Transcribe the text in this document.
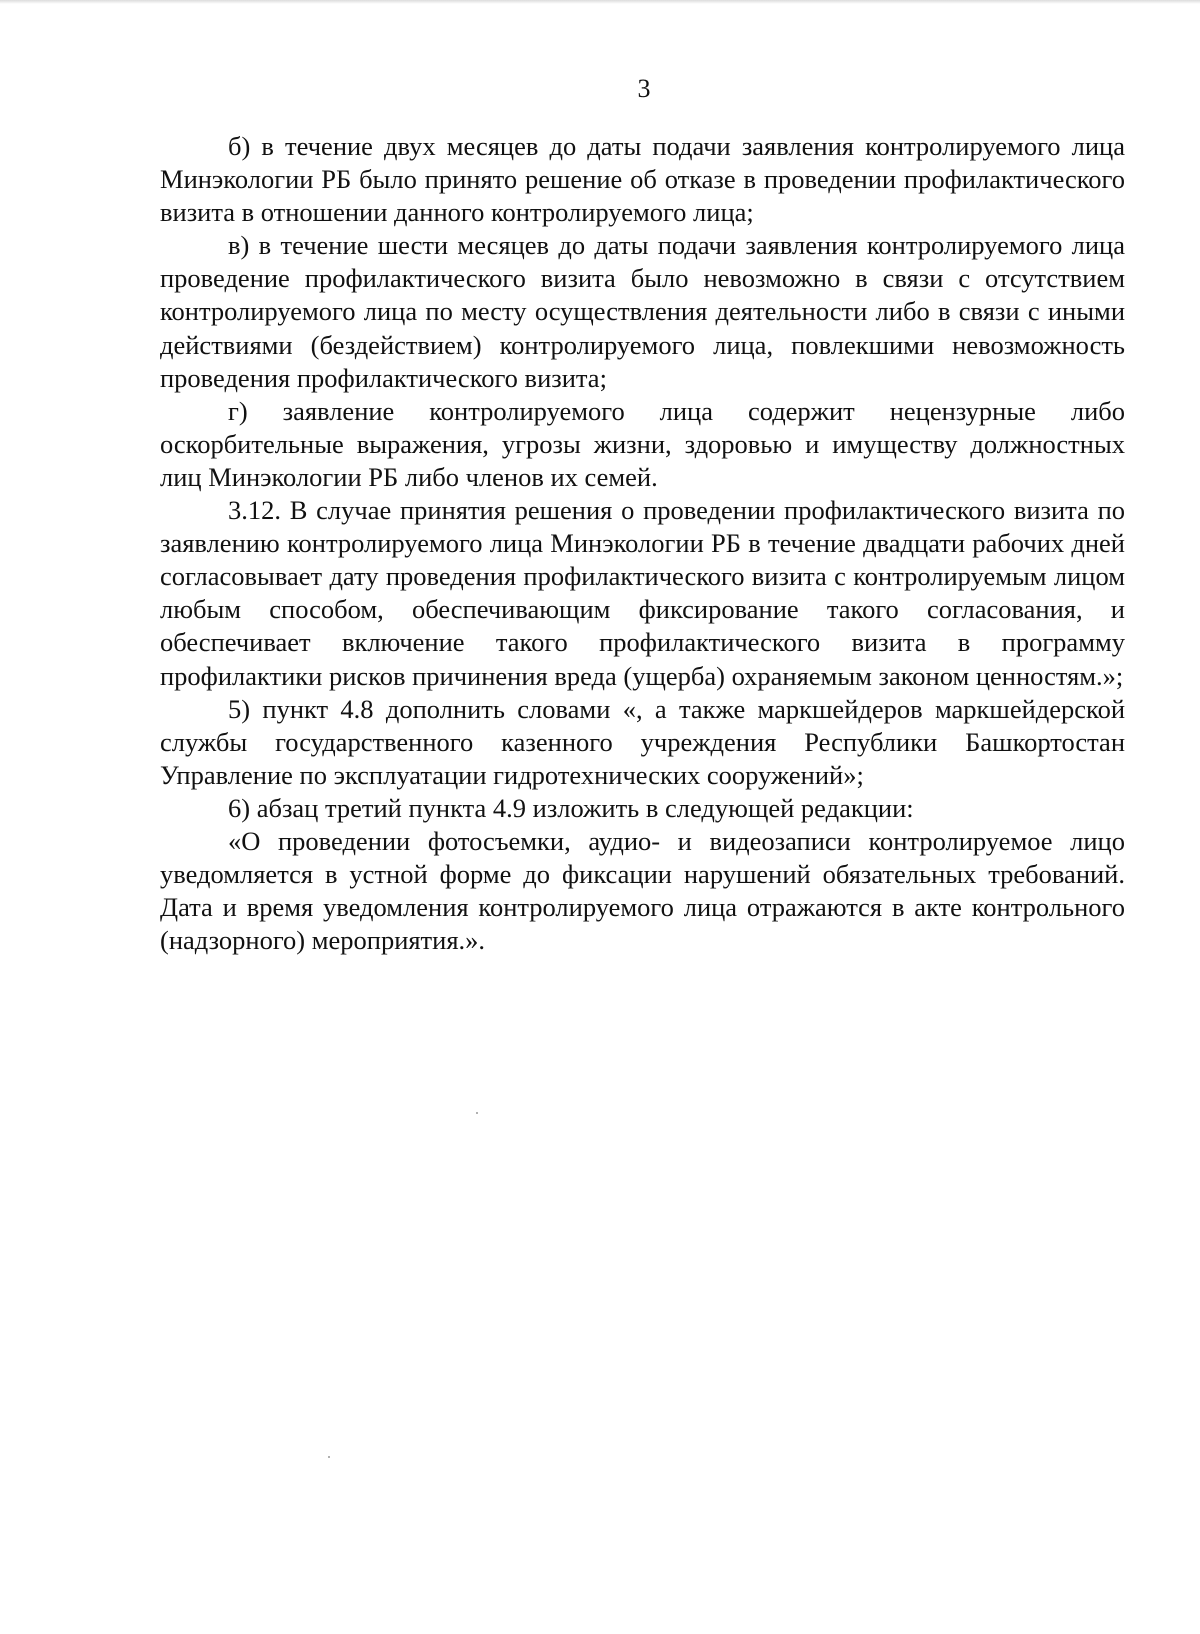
3

б) в течение двух месяцев до даты подачи заявления контролируемого лица Минэкологии РБ было принято решение об отказе в проведении профилактического визита в отношении данного контролируемого лица;

в) в течение шести месяцев до даты подачи заявления контролируемого лица проведение профилактического визита было невозможно в связи с отсутствием контролируемого лица по месту осуществления деятельности либо в связи с иными действиями (бездействием) контролируемого лица, повлекшими невозможность проведения профилактического визита;

г) заявление контролируемого лица содержит нецензурные либо оскорбительные выражения, угрозы жизни, здоровью и имуществу должностных лиц Минэкологии РБ либо членов их семей.

3.12. В случае принятия решения о проведении профилактического визита по заявлению контролируемого лица Минэкологии РБ в течение двадцати рабочих дней согласовывает дату проведения профилактического визита с контролируемым лицом любым способом, обеспечивающим фиксирование такого согласования, и обеспечивает включение такого профилактического визита в программу профилактики рисков причинения вреда (ущерба) охраняемым законом ценностям.»;

5) пункт 4.8 дополнить словами «, а также маркшейдеров маркшейдерской службы государственного казенного учреждения Республики Башкортостан Управление по эксплуатации гидротехнических сооружений»;

6) абзац третий пункта 4.9 изложить в следующей редакции:

«О проведении фотосъемки, аудио- и видеозаписи контролируемое лицо уведомляется в устной форме до фиксации нарушений обязательных требований. Дата и время уведомления контролируемого лица отражаются в акте контрольного (надзорного) мероприятия.».
